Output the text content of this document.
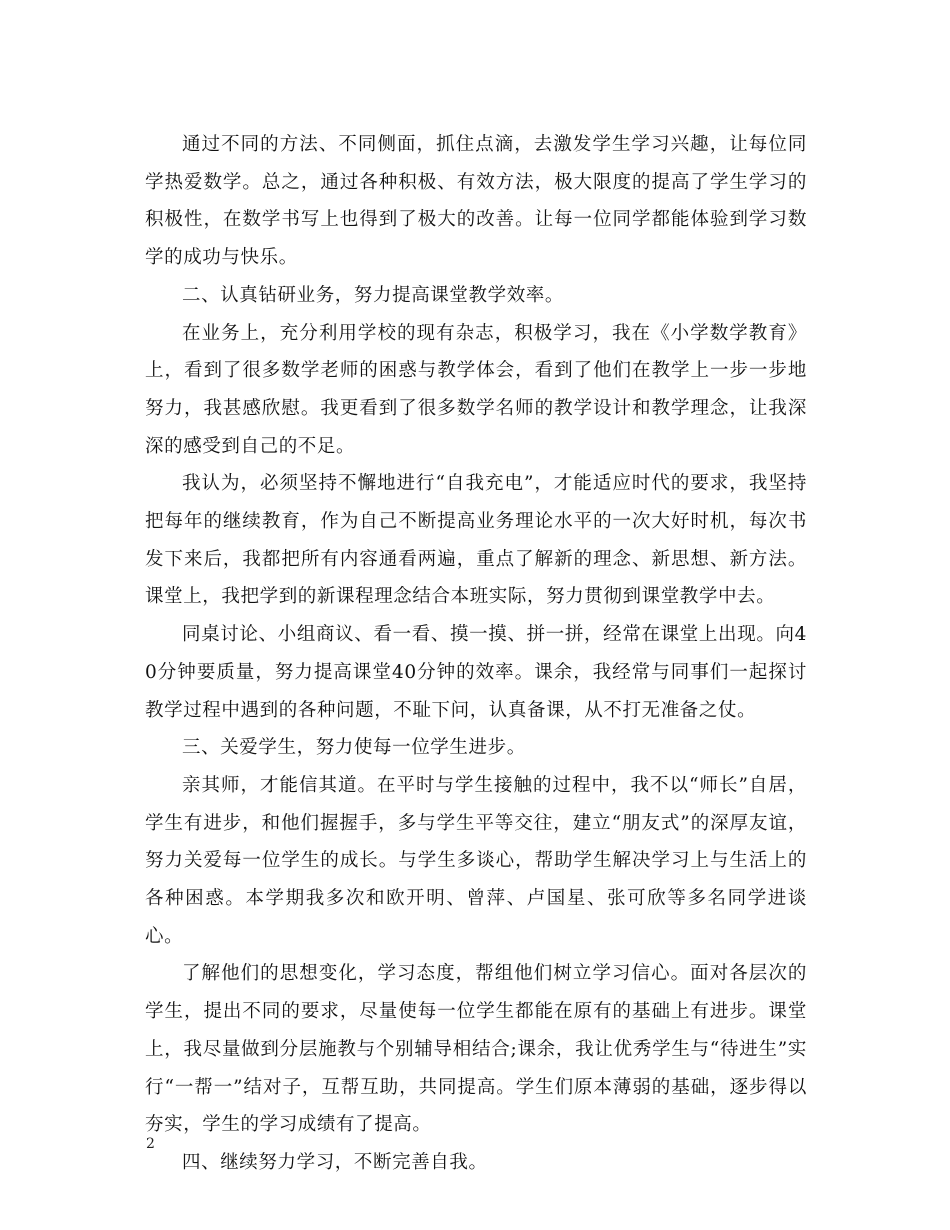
通过不同的方法、不同侧面，抓住点滴，去激发学生学习兴趣，让每位同学热爱数学。总之，通过各种积极、有效方法，极大限度的提高了学生学习的积极性，在数学书写上也得到了极大的改善。让每一位同学都能体验到学习数学的成功与快乐。

二、认真钻研业务，努力提高课堂教学效率。

在业务上，充分利用学校的现有杂志，积极学习，我在《小学数学教育》上，看到了很多数学老师的困惑与教学体会，看到了他们在教学上一步一步地努力，我甚感欣慰。我更看到了很多数学名师的教学设计和教学理念，让我深深的感受到自己的不足。

我认为，必须坚持不懈地进行“自我充电”，才能适应时代的要求，我坚持把每年的继续教育，作为自己不断提高业务理论水平的一次大好时机，每次书发下来后，我都把所有内容通看两遍，重点了解新的理念、新思想、新方法。课堂上，我把学到的新课程理念结合本班实际，努力贯彻到课堂教学中去。

同桌讨论、小组商议、看一看、摸一摸、拼一拼，经常在课堂上出现。向40分钟要质量，努力提高课堂40分钟的效率。课余，我经常与同事们一起探讨教学过程中遇到的各种问题，不耻下问，认真备课，从不打无准备之仗。

三、关爱学生，努力使每一位学生进步。

亲其师，才能信其道。在平时与学生接触的过程中，我不以“师长”自居，学生有进步，和他们握握手，多与学生平等交往，建立“朋友式”的深厚友谊，努力关爱每一位学生的成长。与学生多谈心，帮助学生解决学习上与生活上的各种困惑。本学期我多次和欧开明、曾萍、卢国星、张可欣等多名同学进谈心。

了解他们的思想变化，学习态度，帮组他们树立学习信心。面对各层次的学生，提出不同的要求，尽量使每一位学生都能在原有的基础上有进步。课堂上，我尽量做到分层施教与个别辅导相结合;课余，我让优秀学生与“待进生”实行“一帮一”结对子，互帮互助，共同提高。学生们原本薄弱的基础，逐步得以夯实，学生的学习成绩有了提高。

四、继续努力学习，不断完善自我。

2
